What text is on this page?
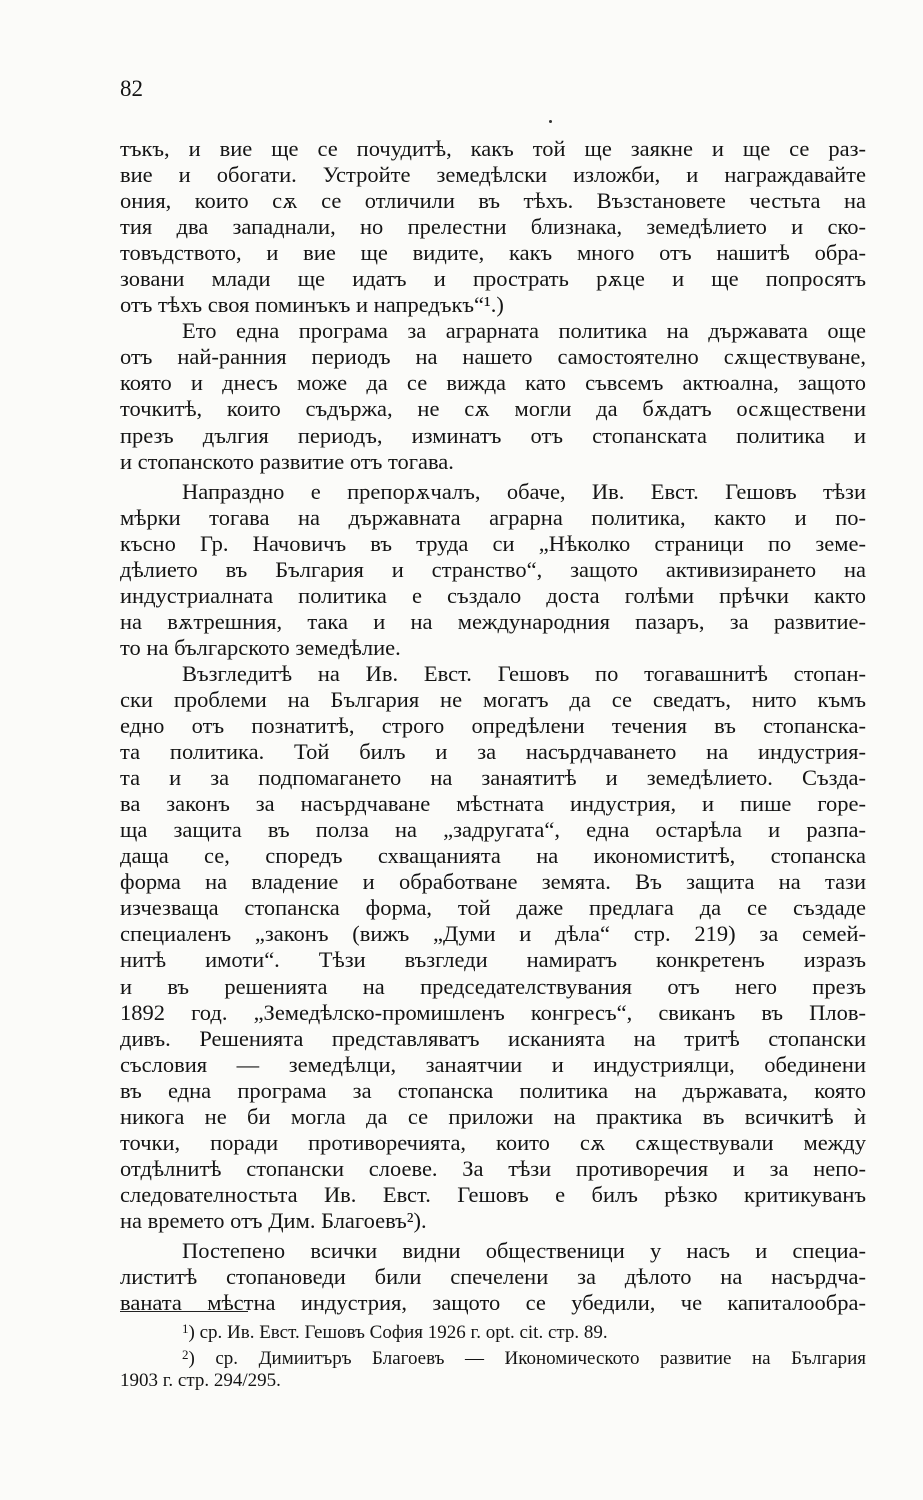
82
тъкъ, и вие ще се почудитѣ, какъ той ще заякне и ще се раз-
вие и обогати. Устройте земедѣлски изложби, и награждавайте
ония, които сѫ се отличили въ тѣхъ. Възстановете честьта на
тия два западнали, но прелестни близнака, земедѣлието и ско-
товъдството, и вие ще видите, какъ много отъ нашитѣ обра-
зовани млади ще идатъ и прострать рѫце и ще попросятъ
отъ тѣхъ своя поминъкъ и напредъкъ“¹.)
Ето една програма за аграрната политика на държавата още
отъ най-ранния периодъ на нашето самостоятелно сѫществуване,
която и днесъ може да се вижда като съвсемъ актюална, защото
точкитѣ, които съдържа, не сѫ могли да бѫдатъ осѫществени
презъ дългия периодъ, изминатъ отъ стопанската политика и
и стопанското развитие отъ тогава.
Напраздно е препорѫчалъ, обаче, Ив. Евст. Гешовъ тѣзи
мѣрки тогава на държавната аграрна политика, както и по-
късно Гр. Начовичъ въ труда си „Нѣколко страници по земе-
дѣлието въ България и странство“, защото активизирането на
индустриалната политика е създало доста голѣми прѣчки както
на вѫтрешния, така и на международния пазаръ, за развитие-
то на българското земедѣлие.
Възгледитѣ на Ив. Евст. Гешовъ по тогавашнитѣ стопан-
ски проблеми на България не могатъ да се сведатъ, нито къмъ
едно отъ познатитѣ, строго опредѣлени течения въ стопанска-
та политика. Той билъ и за насърдчаването на индустрия-
та и за подпомагането на занаятитѣ и земедѣлието. Създа-
ва законъ за насърдчаване мѣстната индустрия, и пише горе-
ща защита въ полза на „задругата“, една остарѣла и разпа-
даща се, споредъ схващанията на икономиститѣ, стопанска
форма на владение и обработване земята. Въ защита на тази
изчезваща стопанска форма, той даже предлага да се създаде
специаленъ „законъ (вижъ „Думи и дѣла“ стр. 219) за семей-
нитѣ имоти“. Тѣзи възгледи намиратъ конкретенъ изразъ
и въ решенията на председателствувания отъ него презъ
1892 год. „Земедѣлско-промишленъ конгресъ“, свиканъ въ Плов-
дивъ. Решенията представляватъ исканията на тритѣ стопански
съсловия — земедѣлци, занаятчии и индустриялци, обединени
въ една програма за стопанска политика на държавата, която
никога не би могла да се приложи на практика въ всичкитѣ ѝ
точки, поради противоречията, които сѫ сѫществували между
отдѣлнитѣ стопански слоеве. За тѣзи противоречия и за непо-
следователностьта Ив. Евст. Гешовъ е билъ рѣзко критикуванъ
на времето отъ Дим. Благоевъ²).
Постепено всички видни общественици у насъ и специа-
листитѣ стопановеди били спечелени за дѣлото на насърдча-
ваната мѣстна индустрия, защото се убедили, че капиталообра-
$^1$) ср. Ив. Евст. Гешовъ София 1926 г. opt. cit. стр. 89.
$^2$) ср. Димиитъръ Благоевъ — Икономическото развитие на България
1903 г. стр. 294/295.
